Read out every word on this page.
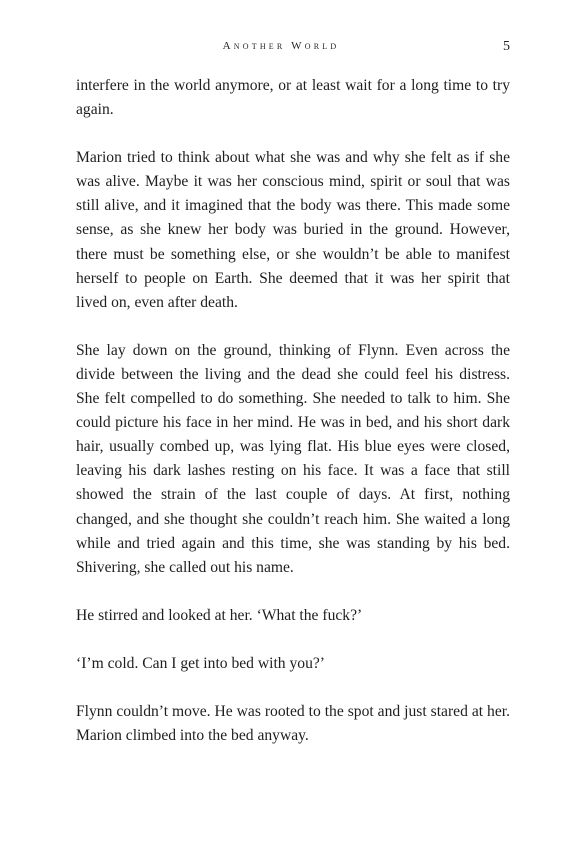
Another World	5

interfere in the world anymore, or at least wait for a long time to try again.

Marion tried to think about what she was and why she felt as if she was alive. Maybe it was her conscious mind, spirit or soul that was still alive, and it imagined that the body was there. This made some sense, as she knew her body was buried in the ground. However, there must be something else, or she wouldn’t be able to manifest herself to people on Earth. She deemed that it was her spirit that lived on, even after death.

She lay down on the ground, thinking of Flynn. Even across the divide between the living and the dead she could feel his distress. She felt compelled to do something. She needed to talk to him. She could picture his face in her mind. He was in bed, and his short dark hair, usually combed up, was lying flat. His blue eyes were closed, leaving his dark lashes resting on his face. It was a face that still showed the strain of the last couple of days. At first, nothing changed, and she thought she couldn’t reach him. She waited a long while and tried again and this time, she was standing by his bed. Shivering, she called out his name.

He stirred and looked at her. ‘What the fuck?’

‘I’m cold. Can I get into bed with you?’

Flynn couldn’t move. He was rooted to the spot and just stared at her. Marion climbed into the bed anyway.
